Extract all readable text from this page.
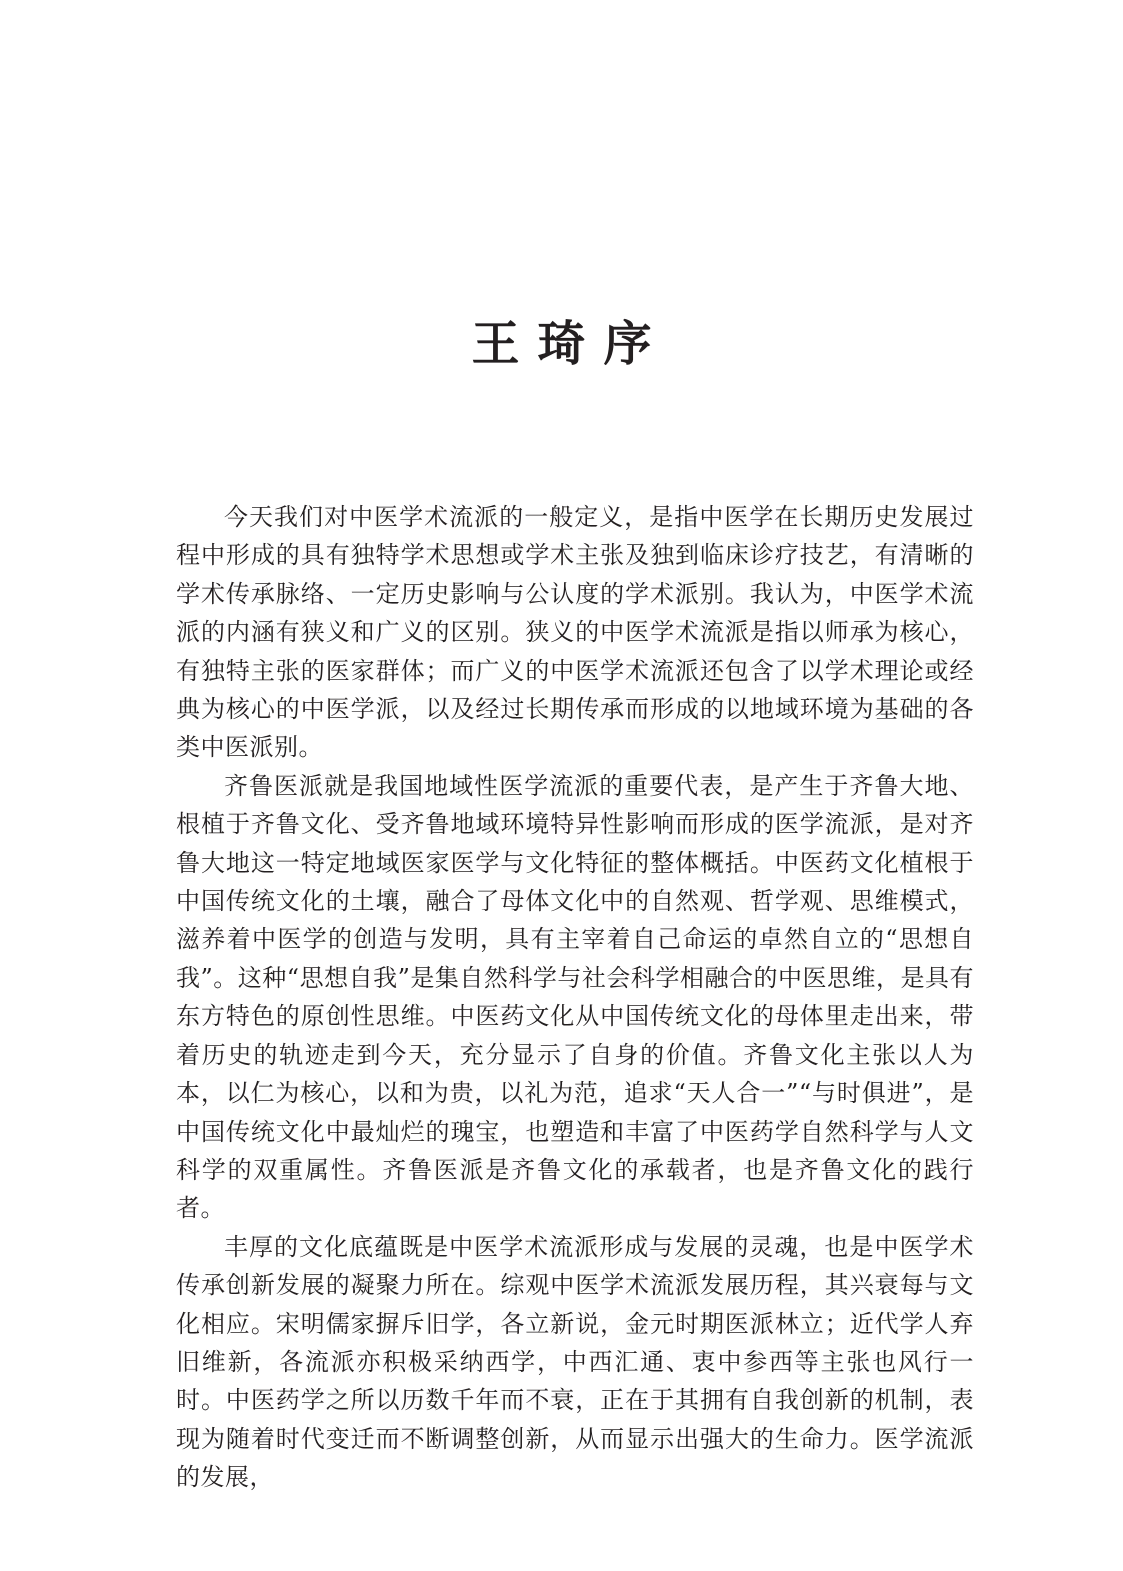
王琦序

今天我们对中医学术流派的一般定义，是指中医学在长期历史发展过程中形成的具有独特学术思想或学术主张及独到临床诊疗技艺，有清晰的学术传承脉络、一定历史影响与公认度的学术派别。我认为，中医学术流派的内涵有狭义和广义的区别。狭义的中医学术流派是指以师承为核心，有独特主张的医家群体；而广义的中医学术流派还包含了以学术理论或经典为核心的中医学派，以及经过长期传承而形成的以地域环境为基础的各类中医派别。

齐鲁医派就是我国地域性医学流派的重要代表，是产生于齐鲁大地、根植于齐鲁文化、受齐鲁地域环境特异性影响而形成的医学流派，是对齐鲁大地这一特定地域医家医学与文化特征的整体概括。中医药文化植根于中国传统文化的土壤，融合了母体文化中的自然观、哲学观、思维模式，滋养着中医学的创造与发明，具有主宰着自己命运的卓然自立的“思想自我”。这种“思想自我”是集自然科学与社会科学相融合的中医思维，是具有东方特色的原创性思维。中医药文化从中国传统文化的母体里走出来，带着历史的轨迹走到今天，充分显示了自身的价值。齐鲁文化主张以人为本，以仁为核心，以和为贵，以礼为范，追求“天人合一”“与时俱进”，是中国传统文化中最灿烂的瑰宝，也塑造和丰富了中医药学自然科学与人文科学的双重属性。齐鲁医派是齐鲁文化的承载者，也是齐鲁文化的践行者。

丰厚的文化底蕴既是中医学术流派形成与发展的灵魂，也是中医学术传承创新发展的凝聚力所在。综观中医学术流派发展历程，其兴衰每与文化相应。宋明儒家摒斥旧学，各立新说，金元时期医派林立；近代学人弃旧维新，各流派亦积极采纳西学，中西汇通、衷中参西等主张也风行一时。中医药学之所以历数千年而不衰，正在于其拥有自我创新的机制，表现为随着时代变迁而不断调整创新，从而显示出强大的生命力。医学流派的发展，
